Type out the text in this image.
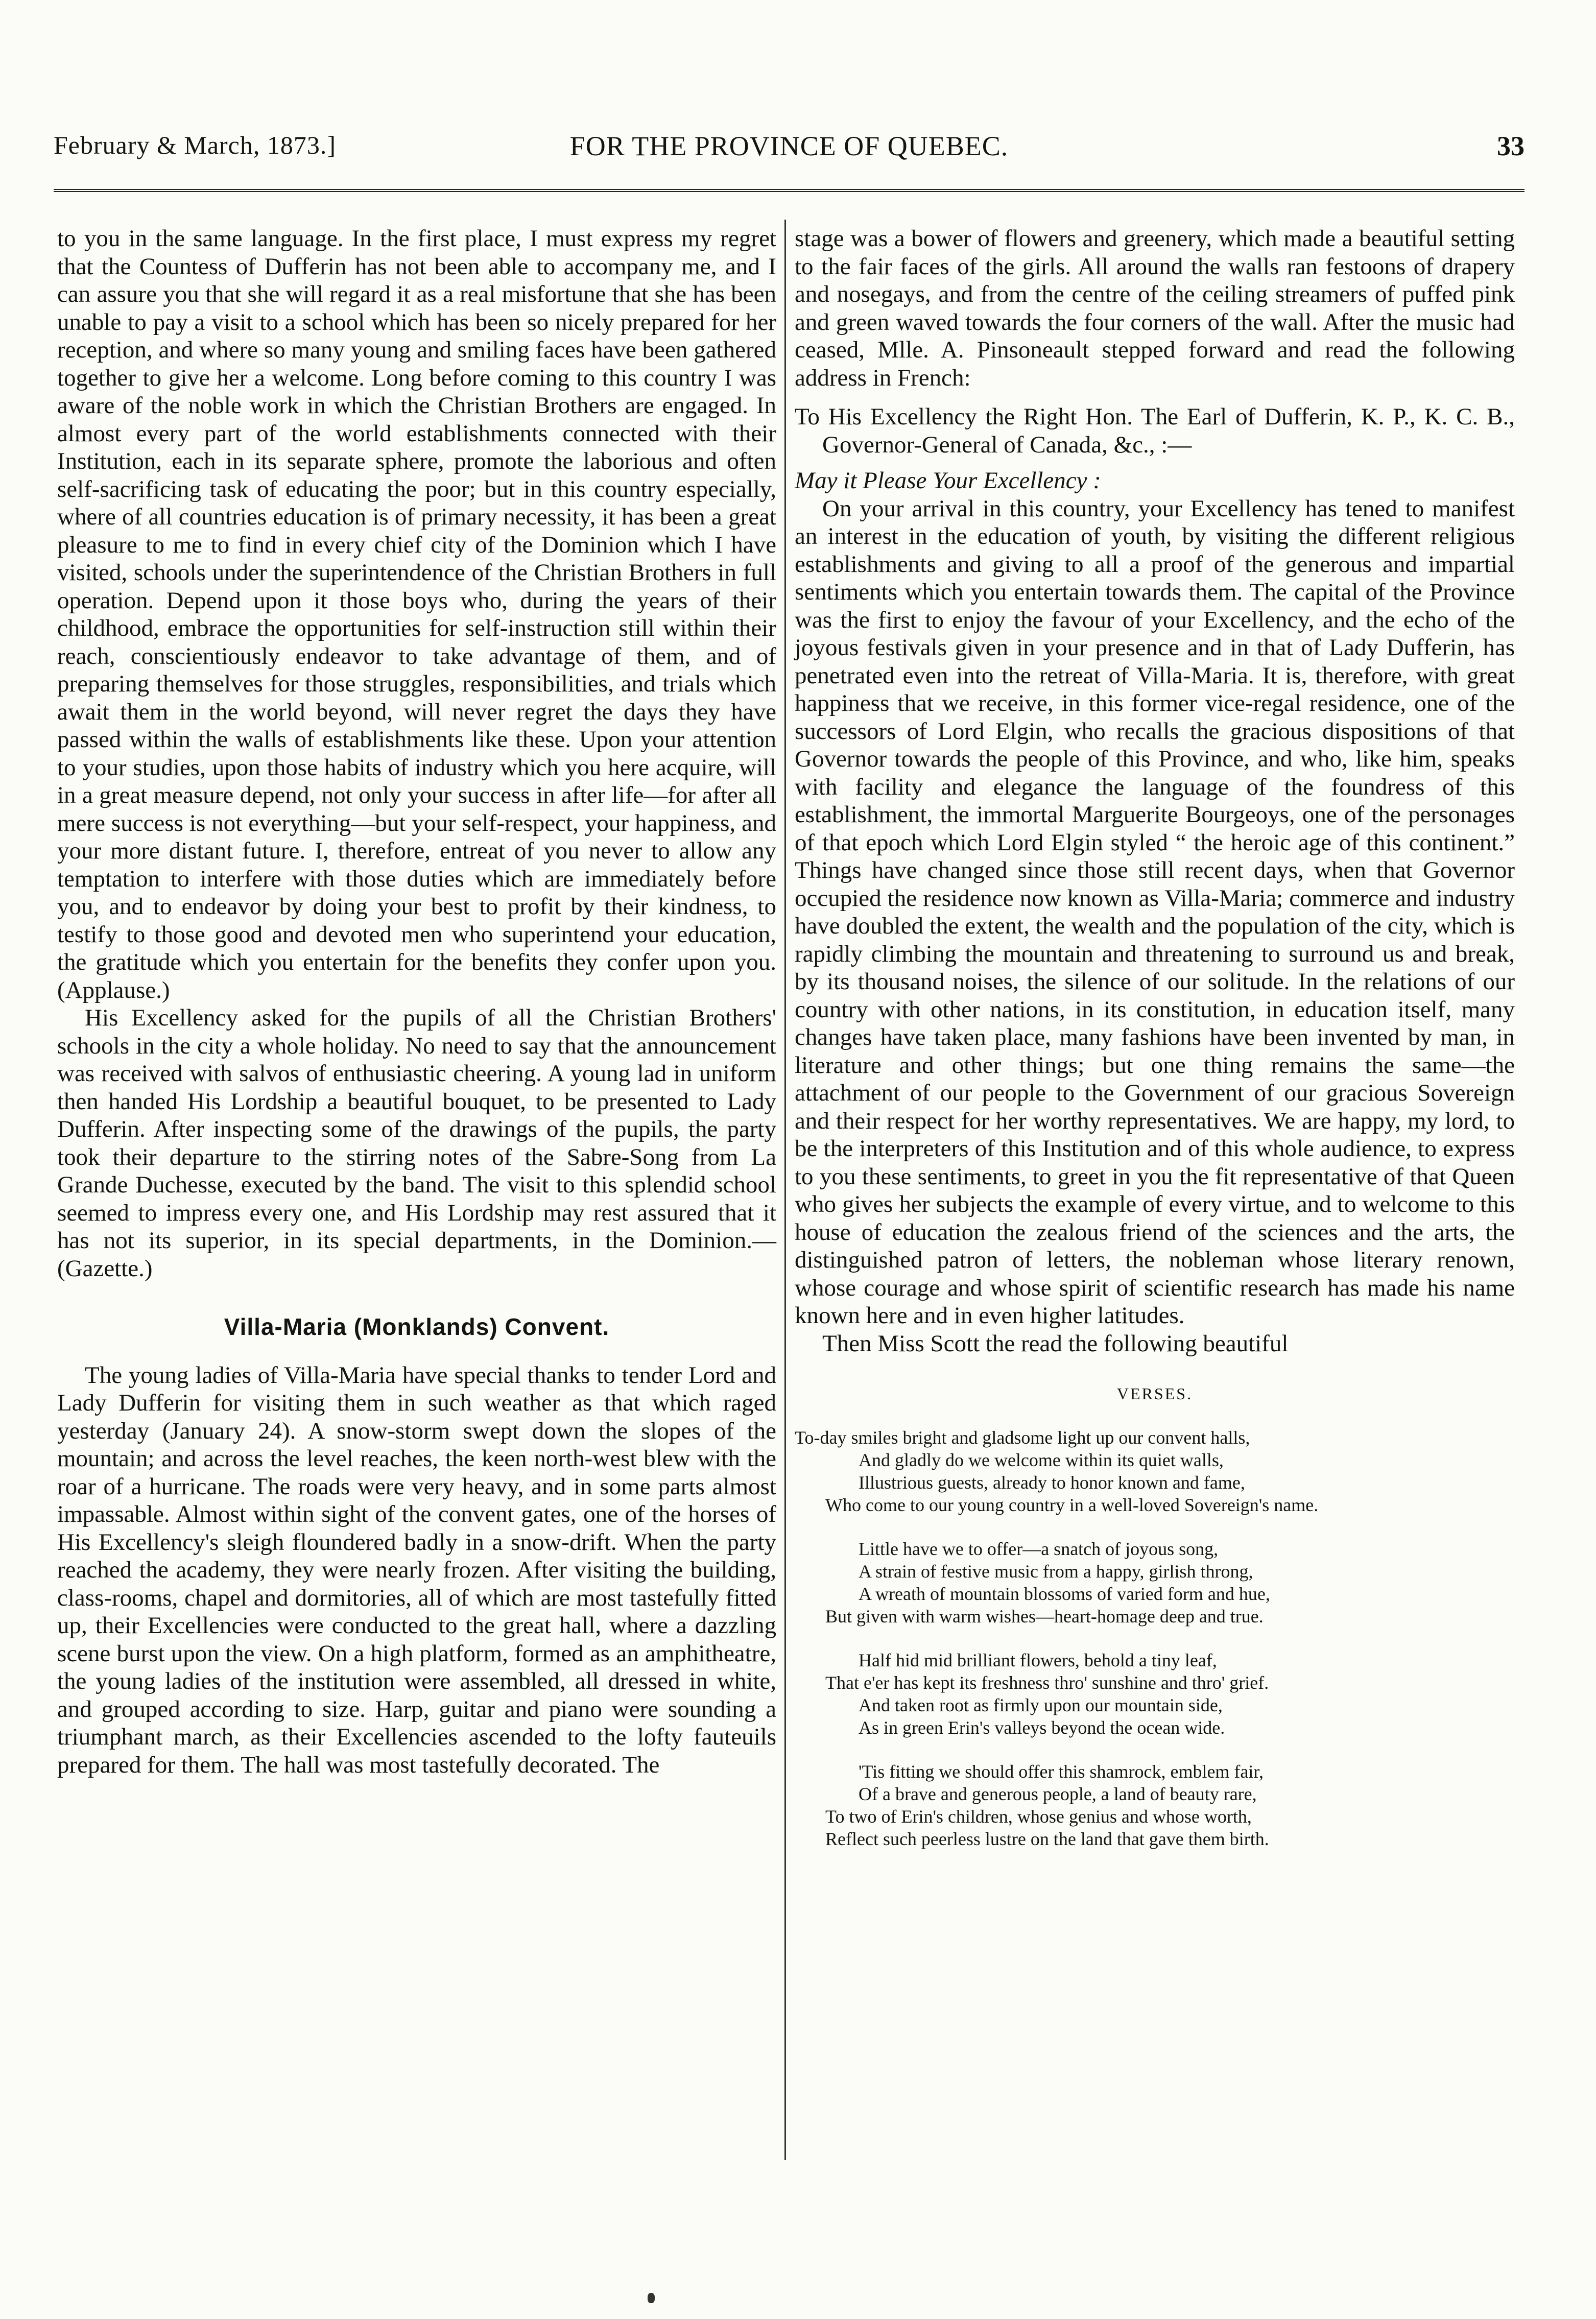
February & March, 1873.]	FOR THE PROVINCE OF QUEBEC.	33

to you in the same language. In the first place, I must express my regret that the Countess of Dufferin has not been able to accompany me, and I can assure you that she will regard it as a real misfortune that she has been unable to pay a visit to a school which has been so nicely prepared for her reception, and where so many young and smiling faces have been gathered together to give her a welcome. Long before coming to this country I was aware of the noble work in which the Christian Brothers are engaged. In almost every part of the world establishments connected with their Institution, each in its separate sphere, promote the laborious and often self-sacrificing task of educating the poor; but in this country especially, where of all countries education is of primary necessity, it has been a great pleasure to me to find in every chief city of the Dominion which I have visited, schools under the superintendence of the Christian Brothers in full operation. Depend upon it those boys who, during the years of their childhood, embrace the opportunities for self-instruction still within their reach, conscientiously endeavor to take advantage of them, and of preparing themselves for those struggles, responsibilities, and trials which await them in the world beyond, will never regret the days they have passed within the walls of establishments like these. Upon your attention to your studies, upon those habits of industry which you here acquire, will in a great measure depend, not only your success in after life—for after all mere success is not everything—but your self-respect, your happiness, and your more distant future. I, therefore, entreat of you never to allow any temptation to interfere with those duties which are immediately before you, and to endeavor by doing your best to profit by their kindness, to testify to those good and devoted men who superintend your education, the gratitude which you entertain for the benefits they confer upon you. (Applause.)

His Excellency asked for the pupils of all the Christian Brothers' schools in the city a whole holiday. No need to say that the announcement was received with salvos of enthusiastic cheering. A young lad in uniform then handed His Lordship a beautiful bouquet, to be presented to Lady Dufferin. After inspecting some of the drawings of the pupils, the party took their departure to the stirring notes of the Sabre-Song from La Grande Duchesse, executed by the band. The visit to this splendid school seemed to impress every one, and His Lordship may rest assured that it has not its superior, in its special departments, in the Dominion.—(Gazette.)

Villa-Maria (Monklands) Convent.

The young ladies of Villa-Maria have special thanks to tender Lord and Lady Dufferin for visiting them in such weather as that which raged yesterday (January 24). A snow-storm swept down the slopes of the mountain; and across the level reaches, the keen north-west blew with the roar of a hurricane. The roads were very heavy, and in some parts almost impassable. Almost within sight of the convent gates, one of the horses of His Excellency's sleigh floundered badly in a snow-drift. When the party reached the academy, they were nearly frozen. After visiting the building, class-rooms, chapel and dormitories, all of which are most tastefully fitted up, their Excellencies were conducted to the great hall, where a dazzling scene burst upon the view. On a high platform, formed as an amphitheatre, the young ladies of the institution were assembled, all dressed in white, and grouped according to size. Harp, guitar and piano were sounding a triumphant march, as their Excellencies ascended to the lofty fauteuils prepared for them. The hall was most tastefully decorated. The

stage was a bower of flowers and greenery, which made a beautiful setting to the fair faces of the girls. All around the walls ran festoons of drapery and nosegays, and from the centre of the ceiling streamers of puffed pink and green waved towards the four corners of the wall. After the music had ceased, Mlle. A. Pinsoneault stepped forward and read the following address in French:

To His Excellency the Right Hon. The Earl of Dufferin, K. P., K. C. B., Governor-General of Canada, &c., :—

May it Please Your Excellency :

On your arrival in this country, your Excellency has tened to manifest an interest in the education of youth, by visiting the different religious establishments and giving to all a proof of the generous and impartial sentiments which you entertain towards them. The capital of the Province was the first to enjoy the favour of your Excellency, and the echo of the joyous festivals given in your presence and in that of Lady Dufferin, has penetrated even into the retreat of Villa-Maria. It is, therefore, with great happiness that we receive, in this former vice-regal residence, one of the successors of Lord Elgin, who recalls the gracious dispositions of that Governor towards the people of this Province, and who, like him, speaks with facility and elegance the language of the foundress of this establishment, the immortal Marguerite Bourgeoys, one of the personages of that epoch which Lord Elgin styled “ the heroic age of this continent.” Things have changed since those still recent days, when that Governor occupied the residence now known as Villa-Maria; commerce and industry have doubled the extent, the wealth and the population of the city, which is rapidly climbing the mountain and threatening to surround us and break, by its thousand noises, the silence of our solitude. In the relations of our country with other nations, in its constitution, in education itself, many changes have taken place, many fashions have been invented by man, in literature and other things; but one thing remains the same—the attachment of our people to the Government of our gracious Sovereign and their respect for her worthy representatives. We are happy, my lord, to be the interpreters of this Institution and of this whole audience, to express to you these sentiments, to greet in you the fit representative of that Queen who gives her subjects the example of every virtue, and to welcome to this house of education the zealous friend of the sciences and the arts, the distinguished patron of letters, the nobleman whose literary renown, whose courage and whose spirit of scientific research has made his name known here and in even higher latitudes.

Then Miss Scott the read the following beautiful

VERSES.
To-day smiles bright and gladsome light up our convent halls,
And gladly do we welcome within its quiet walls,
Illustrious guests, already to honor known and fame,
Who come to our young country in a well-loved Sovereign's name.
Little have we to offer—a snatch of joyous song,
A strain of festive music from a happy, girlish throng,
A wreath of mountain blossoms of varied form and hue,
But given with warm wishes—heart-homage deep and true.
Half hid mid brilliant flowers, behold a tiny leaf,
That e'er has kept its freshness thro' sunshine and thro' grief.
And taken root as firmly upon our mountain side,
As in green Erin's valleys beyond the ocean wide.
'Tis fitting we should offer this shamrock, emblem fair,
Of a brave and generous people, a land of beauty rare,
To two of Erin's children, whose genius and whose worth,
Reflect such peerless lustre on the land that gave them birth.
